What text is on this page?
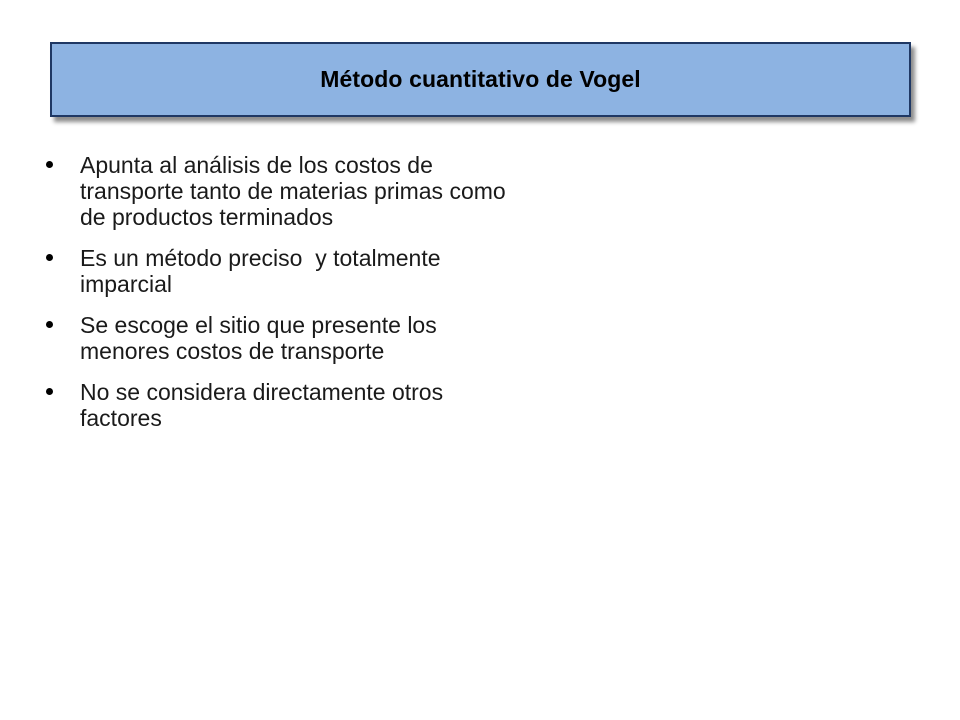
Método cuantitativo de Vogel
Apunta al análisis de los costos de transporte tanto de materias primas como de productos terminados
Es un método preciso  y totalmente  imparcial
Se escoge el sitio que presente los menores costos de transporte
No se considera directamente otros factores
